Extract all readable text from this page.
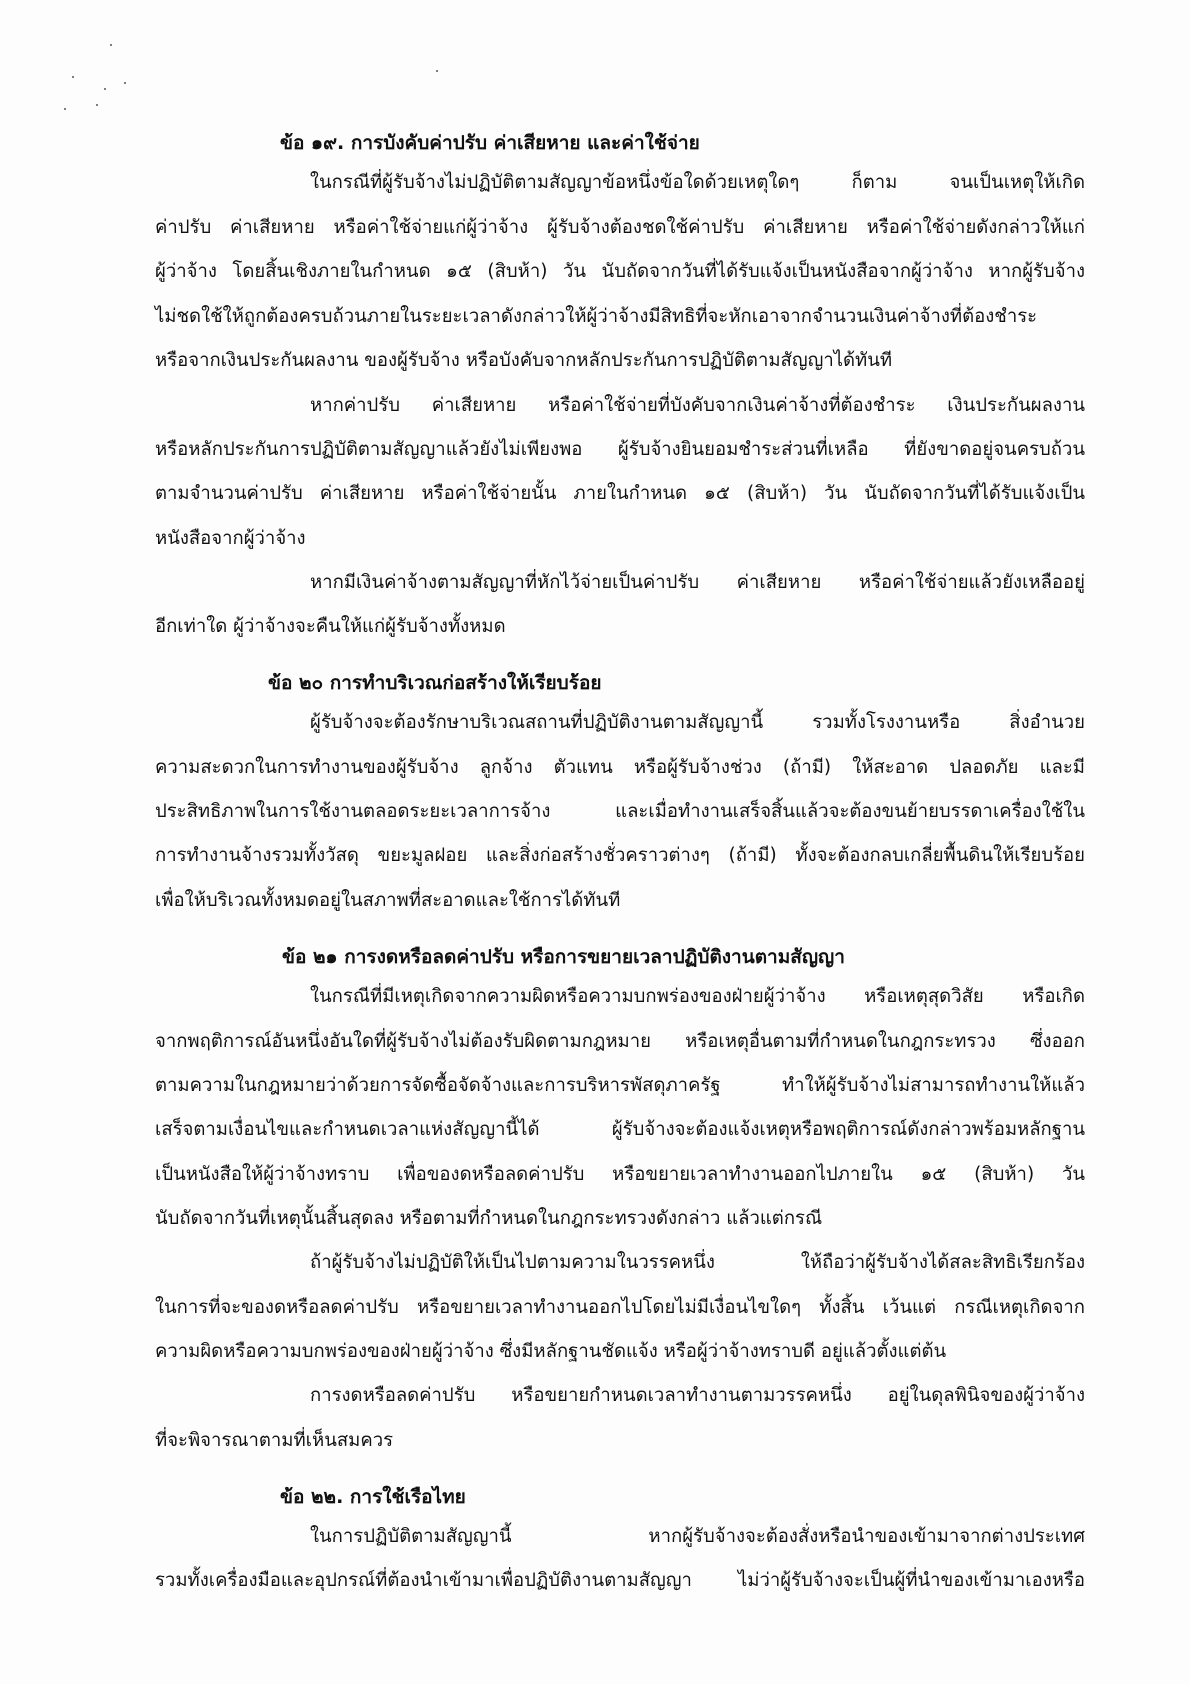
ข้อ ๑๙. การบังคับค่าปรับ ค่าเสียหาย และค่าใช้จ่าย
ในกรณีที่ผู้รับจ้างไม่ปฏิบัติตามสัญญาข้อหนึ่งข้อใดด้วยเหตุใดๆ ก็ตาม จนเป็นเหตุให้เกิด
ค่าปรับ ค่าเสียหาย หรือค่าใช้จ่ายแก่ผู้ว่าจ้าง ผู้รับจ้างต้องชดใช้ค่าปรับ ค่าเสียหาย หรือค่าใช้จ่ายดังกล่าวให้แก่
ผู้ว่าจ้าง โดยสิ้นเชิงภายในกำหนด ๑๕ (สิบห้า) วัน นับถัดจากวันที่ได้รับแจ้งเป็นหนังสือจากผู้ว่าจ้าง หากผู้รับจ้าง
ไม่ชดใช้ให้ถูกต้องครบถ้วนภายในระยะเวลาดังกล่าวให้ผู้ว่าจ้างมีสิทธิที่จะหักเอาจากจำนวนเงินค่าจ้างที่ต้องชำระ
หรือจากเงินประกันผลงาน ของผู้รับจ้าง หรือบังคับจากหลักประกันการปฏิบัติตามสัญญาได้ทันที
หากค่าปรับ ค่าเสียหาย หรือค่าใช้จ่ายที่บังคับจากเงินค่าจ้างที่ต้องชำระ เงินประกันผลงาน
หรือหลักประกันการปฏิบัติตามสัญญาแล้วยังไม่เพียงพอ ผู้รับจ้างยินยอมชำระส่วนที่เหลือ ที่ยังขาดอยู่จนครบถ้วน
ตามจำนวนค่าปรับ ค่าเสียหาย หรือค่าใช้จ่ายนั้น ภายในกำหนด ๑๕ (สิบห้า) วัน นับถัดจากวันที่ได้รับแจ้งเป็น
หนังสือจากผู้ว่าจ้าง
หากมีเงินค่าจ้างตามสัญญาที่หักไว้จ่ายเป็นค่าปรับ ค่าเสียหาย หรือค่าใช้จ่ายแล้วยังเหลืออยู่
อีกเท่าใด ผู้ว่าจ้างจะคืนให้แก่ผู้รับจ้างทั้งหมด
ข้อ ๒๐ การทำบริเวณก่อสร้างให้เรียบร้อย
ผู้รับจ้างจะต้องรักษาบริเวณสถานที่ปฏิบัติงานตามสัญญานี้ รวมทั้งโรงงานหรือ สิ่งอำนวย
ความสะดวกในการทำงานของผู้รับจ้าง ลูกจ้าง ตัวแทน หรือผู้รับจ้างช่วง (ถ้ามี) ให้สะอาด ปลอดภัย และมี
ประสิทธิภาพในการใช้งานตลอดระยะเวลาการจ้าง และเมื่อทำงานเสร็จสิ้นแล้วจะต้องขนย้ายบรรดาเครื่องใช้ใน
การทำงานจ้างรวมทั้งวัสดุ ขยะมูลฝอย และสิ่งก่อสร้างชั่วคราวต่างๆ (ถ้ามี) ทั้งจะต้องกลบเกลี่ยพื้นดินให้เรียบร้อย
เพื่อให้บริเวณทั้งหมดอยู่ในสภาพที่สะอาดและใช้การได้ทันที
ข้อ ๒๑ การงดหรือลดค่าปรับ หรือการขยายเวลาปฏิบัติงานตามสัญญา
ในกรณีที่มีเหตุเกิดจากความผิดหรือความบกพร่องของฝ่ายผู้ว่าจ้าง หรือเหตุสุดวิสัย หรือเกิด
จากพฤติการณ์อันหนึ่งอันใดที่ผู้รับจ้างไม่ต้องรับผิดตามกฎหมาย หรือเหตุอื่นตามที่กำหนดในกฎกระทรวง ซึ่งออก
ตามความในกฎหมายว่าด้วยการจัดซื้อจัดจ้างและการบริหารพัสดุภาครัฐ ทำให้ผู้รับจ้างไม่สามารถทำงานให้แล้ว
เสร็จตามเงื่อนไขและกำหนดเวลาแห่งสัญญานี้ได้ ผู้รับจ้างจะต้องแจ้งเหตุหรือพฤติการณ์ดังกล่าวพร้อมหลักฐาน
เป็นหนังสือให้ผู้ว่าจ้างทราบ เพื่อของดหรือลดค่าปรับ หรือขยายเวลาทำงานออกไปภายใน ๑๕ (สิบห้า) วัน
นับถัดจากวันที่เหตุนั้นสิ้นสุดลง หรือตามที่กำหนดในกฎกระทรวงดังกล่าว แล้วแต่กรณี
ถ้าผู้รับจ้างไม่ปฏิบัติให้เป็นไปตามความในวรรคหนึ่ง ให้ถือว่าผู้รับจ้างได้สละสิทธิเรียกร้อง
ในการที่จะของดหรือลดค่าปรับ หรือขยายเวลาทำงานออกไปโดยไม่มีเงื่อนไขใดๆ ทั้งสิ้น เว้นแต่ กรณีเหตุเกิดจาก
ความผิดหรือความบกพร่องของฝ่ายผู้ว่าจ้าง ซึ่งมีหลักฐานชัดแจ้ง หรือผู้ว่าจ้างทราบดี อยู่แล้วตั้งแต่ต้น
การงดหรือลดค่าปรับ หรือขยายกำหนดเวลาทำงานตามวรรคหนึ่ง อยู่ในดุลพินิจของผู้ว่าจ้าง
ที่จะพิจารณาตามที่เห็นสมควร
ข้อ ๒๒. การใช้เรือไทย
ในการปฏิบัติตามสัญญานี้ หากผู้รับจ้างจะต้องสั่งหรือนำของเข้ามาจากต่างประเทศ
รวมทั้งเครื่องมือและอุปกรณ์ที่ต้องนำเข้ามาเพื่อปฏิบัติงานตามสัญญา ไม่ว่าผู้รับจ้างจะเป็นผู้ที่นำของเข้ามาเองหรือ
